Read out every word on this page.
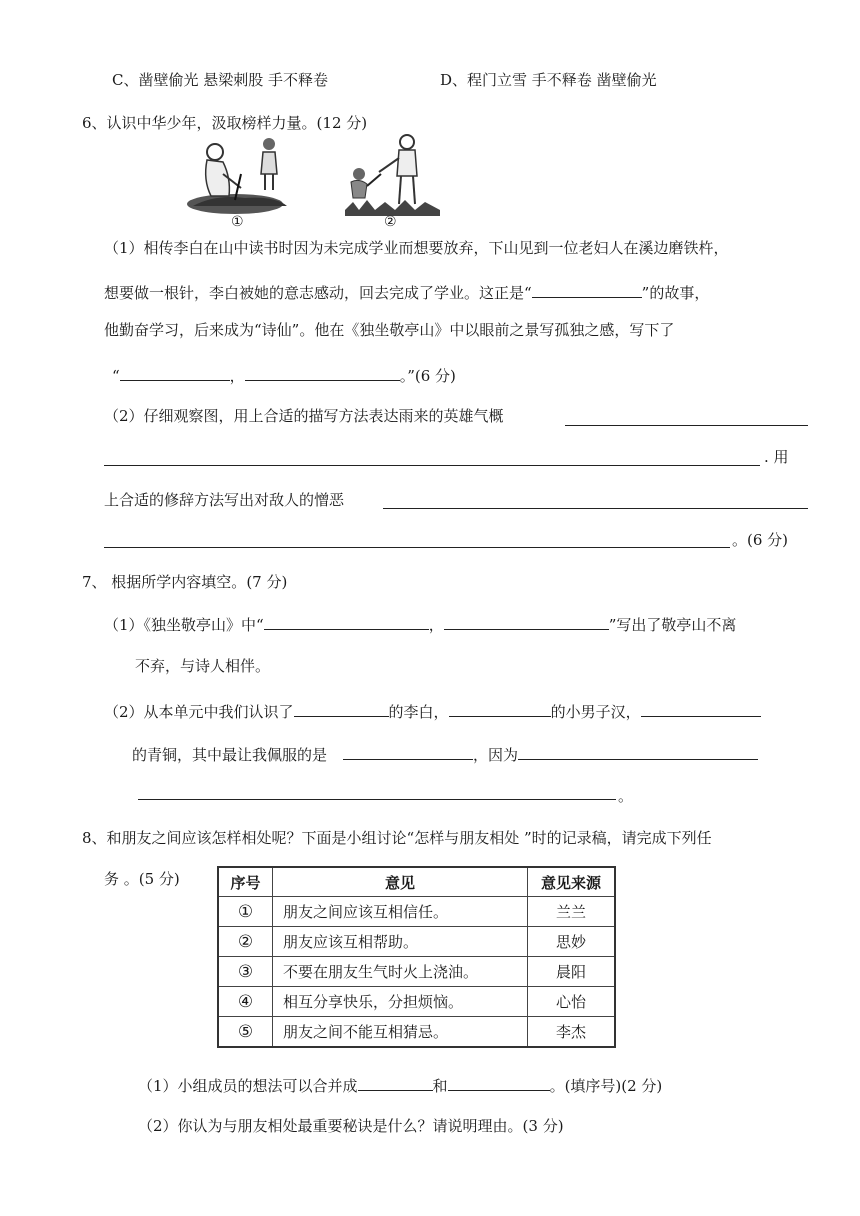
C、凿壁偷光 悬梁刺股 手不释卷	D、程门立雪 手不释卷 凿壁偷光
6、认识中华少年，汲取榜样力量。(12 分)
①	②
（1）相传李白在山中读书时因为未完成学业而想要放弃，下山见到一位老妇人在溪边磨铁杵，
想要做一根针，李白被她的意志感动，回去完成了学业。这正是“	”的故事，
他勤奋学习，后来成为“诗仙”。他在《独坐敬亭山》中以眼前之景写孤独之感，写下了
“	，	。”(6 分)
（2）仔细观察图，用上合适的描写方法表达雨来的英雄气概
. 用
上合适的修辞方法写出对敌人的憎恶
。(6 分)
7、 根据所学内容填空。(7 分)
（1）《独坐敬亭山》中“	，	”写出了敬亭山不离
不弃，与诗人相伴。
（2）从本单元中我们认识了	的李白，	的小男子汉，
的青铜，其中最让我佩服的是	，因为
。
8、和朋友之间应该怎样相处呢？下面是小组讨论“怎样与朋友相处 ”时的记录稿，请完成下列任
务 。(5 分)	序号	意见	意见来源
①	朋友之间应该互相信任。	兰兰
②	朋友应该互相帮助。	思妙
③	不要在朋友生气时火上浇油。	晨阳
④	相互分享快乐，分担烦恼。	心怡
⑤	朋友之间不能互相猜忌。	李杰
（1）小组成员的想法可以合并成	和	。(填序号)(2 分)
（2）你认为与朋友相处最重要秘诀是什么？请说明理由。(3 分)
